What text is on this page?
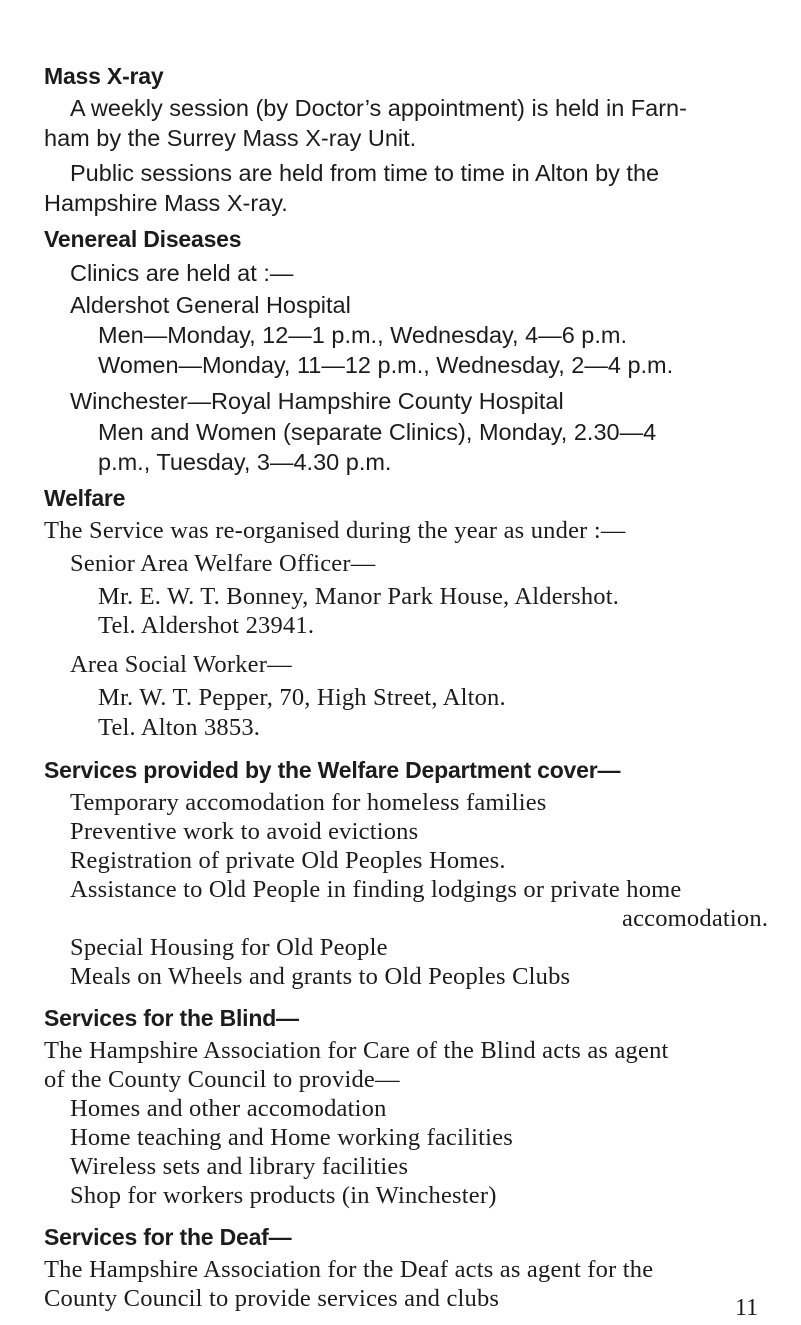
Mass X-ray
A weekly session (by Doctor’s appointment) is held in Farn-
ham by the Surrey Mass X-ray Unit.
Public sessions are held from time to time in Alton by the
Hampshire Mass X-ray.
Venereal Diseases
Clinics are held at :—
Aldershot General Hospital
Men—Monday, 12—1 p.m., Wednesday, 4—6 p.m.
Women—Monday, 11—12 p.m., Wednesday, 2—4 p.m.
Winchester—Royal Hampshire County Hospital
Men and Women (separate Clinics), Monday, 2.30—4
p.m., Tuesday, 3—4.30 p.m.
Welfare
The Service was re-organised during the year as under :—
Senior Area Welfare Officer—
Mr. E. W. T. Bonney, Manor Park House, Aldershot.
Tel. Aldershot 23941.
Area Social Worker—
Mr. W. T. Pepper, 70, High Street, Alton.
Tel. Alton 3853.
Services provided by the Welfare Department cover—
Temporary accomodation for homeless families
Preventive work to avoid evictions
Registration of private Old Peoples Homes.
Assistance to Old People in finding lodgings or private home
accomodation.
Special Housing for Old People
Meals on Wheels and grants to Old Peoples Clubs
Services for the Blind—
The Hampshire Association for Care of the Blind acts as agent
of the County Council to provide—
Homes and other accomodation
Home teaching and Home working facilities
Wireless sets and library facilities
Shop for workers products (in Winchester)
Services for the Deaf—
The Hampshire Association for the Deaf acts as agent for the
County Council to provide services and clubs	11
